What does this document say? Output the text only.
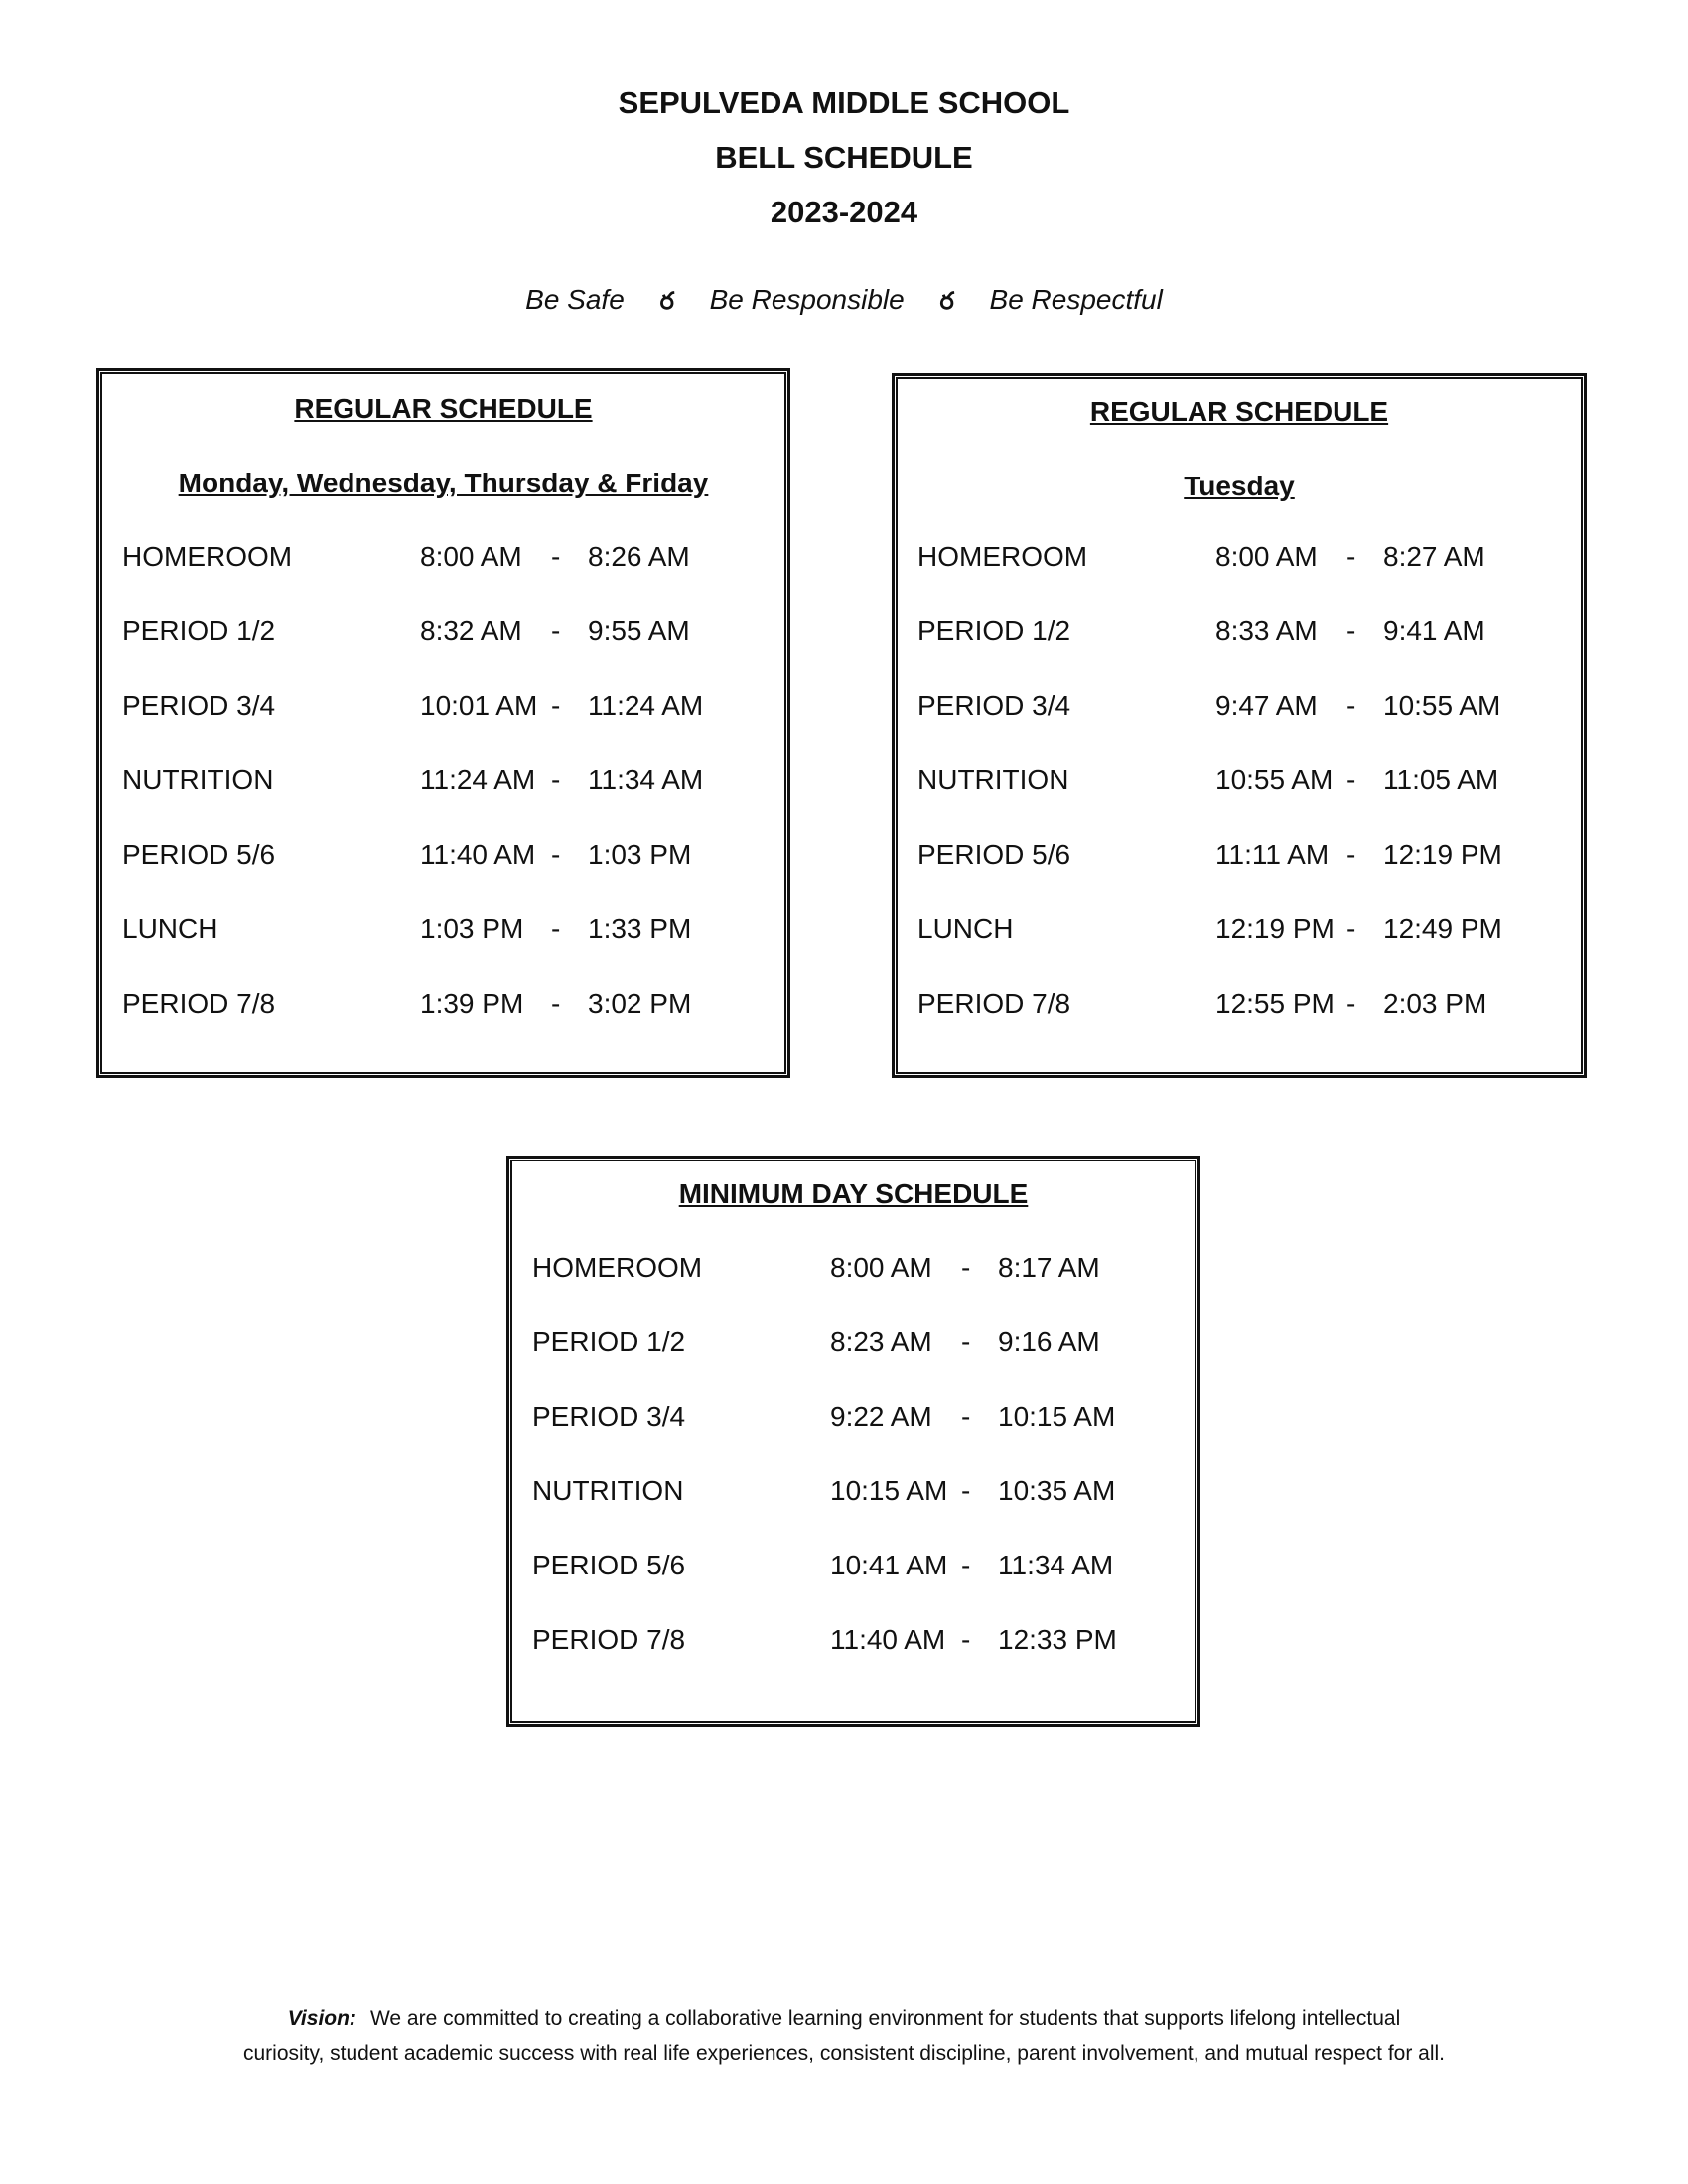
SEPULVEDA MIDDLE SCHOOL
BELL SCHEDULE
2023-2024
Be Safe ర Be Responsible ర Be Respectful
REGULAR SCHEDULE
Monday, Wednesday, Thursday & Friday
HOMEROOM	8:00 AM - 8:26 AM
PERIOD 1/2	8:32 AM - 9:55 AM
PERIOD 3/4	10:01 AM - 11:24 AM
NUTRITION	11:24 AM - 11:34 AM
PERIOD 5/6	11:40 AM - 1:03 PM
LUNCH	1:03 PM - 1:33 PM
PERIOD 7/8	1:39 PM - 3:02 PM
REGULAR SCHEDULE
Tuesday
HOMEROOM	8:00 AM - 8:27 AM
PERIOD 1/2	8:33 AM - 9:41 AM
PERIOD 3/4	9:47 AM - 10:55 AM
NUTRITION	10:55 AM - 11:05 AM
PERIOD 5/6	11:11 AM - 12:19 PM
LUNCH	12:19 PM - 12:49 PM
PERIOD 7/8	12:55 PM - 2:03 PM
MINIMUM DAY SCHEDULE
HOMEROOM	8:00 AM - 8:17 AM
PERIOD 1/2	8:23 AM - 9:16 AM
PERIOD 3/4	9:22 AM - 10:15 AM
NUTRITION	10:15 AM - 10:35 AM
PERIOD 5/6	10:41 AM - 11:34 AM
PERIOD 7/8	11:40 AM - 12:33 PM
Vision: We are committed to creating a collaborative learning environment for students that supports lifelong intellectual
curiosity, student academic success with real life experiences, consistent discipline, parent involvement, and mutual respect for all.
